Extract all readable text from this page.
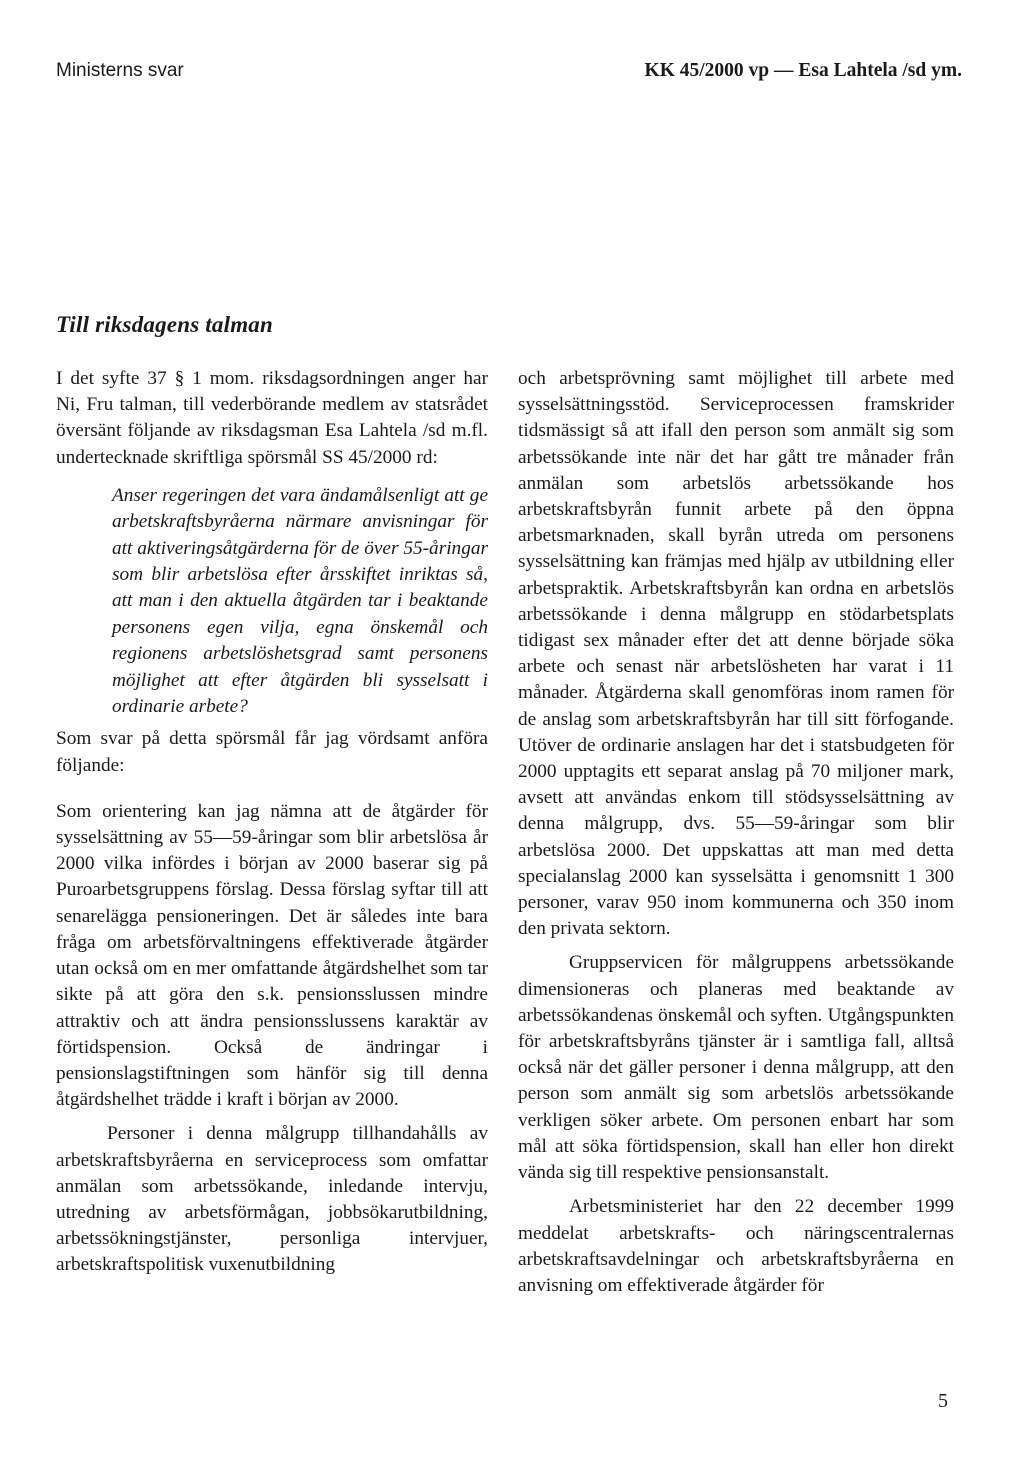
Ministerns svar	KK 45/2000 vp — Esa Lahtela /sd ym.
Till riksdagens talman

I det syfte 37 § 1 mom. riksdagsordningen anger har Ni, Fru talman, till vederbörande medlem av statsrådet översänt följande av riksdagsman Esa Lahtela /sd m.fl. undertecknade skriftliga spörsmål SS 45/2000 rd:

Anser regeringen det vara ändamålsenligt att ge arbetskraftsbyråerna närmare anvisningar för att aktiveringsåtgärderna för de över 55-åringar som blir arbetslösa efter årsskiftet inriktas så, att man i den aktuella åtgärden tar i beaktande personens egen vilja, egna önskemål och regionens arbetslöshetsgrad samt personens möjlighet att efter åtgärden bli sysselsatt i ordinarie arbete?

Som svar på detta spörsmål får jag vördsamt anföra följande:

Som orientering kan jag nämna att de åtgärder för sysselsättning av 55—59-åringar som blir arbetslösa år 2000 vilka infördes i början av 2000 baserar sig på Puroarbetsgruppens förslag. Dessa förslag syftar till att senarelägga pensioneringen. Det är således inte bara fråga om arbetsförvaltningens effektiverade åtgärder utan också om en mer omfattande åtgärdshelhet som tar sikte på att göra den s.k. pensionsslussen mindre attraktiv och att ändra pensionsslussens karaktär av förtidspension. Också de ändringar i pensionslagstiftningen som hänför sig till denna åtgärdshelhet trädde i kraft i början av 2000.

Personer i denna målgrupp tillhandahålls av arbetskraftsbyråerna en serviceprocess som omfattar anmälan som arbetssökande, inledande intervju, utredning av arbetsförmågan, jobbsökarutbildning, arbetssökningstjänster, personliga intervjuer, arbetskraftspolitisk vuxenutbildning

och arbetsprövning samt möjlighet till arbete med sysselsättningsstöd. Serviceprocessen framskrider tidsmässigt så att ifall den person som anmält sig som arbetssökande inte när det har gått tre månader från anmälan som arbetslös arbetssökande hos arbetskraftsbyrån funnit arbete på den öppna arbetsmarknaden, skall byrån utreda om personens sysselsättning kan främjas med hjälp av utbildning eller arbetspraktik. Arbetskraftsbyrån kan ordna en arbetslös arbetssökande i denna målgrupp en stödarbetsplats tidigast sex månader efter det att denne började söka arbete och senast när arbetslösheten har varat i 11 månader. Åtgärderna skall genomföras inom ramen för de anslag som arbetskraftsbyrån har till sitt förfogande. Utöver de ordinarie anslagen har det i statsbudgeten för 2000 upptagits ett separat anslag på 70 miljoner mark, avsett att användas enkom till stödsysselsättning av denna målgrupp, dvs. 55—59-åringar som blir arbetslösa 2000. Det uppskattas att man med detta specialanslag 2000 kan sysselsätta i genomsnitt 1 300 personer, varav 950 inom kommunerna och 350 inom den privata sektorn.

Gruppservicen för målgruppens arbetssökande dimensioneras och planeras med beaktande av arbetssökandenas önskemål och syften. Utgångspunkten för arbetskraftsbyråns tjänster är i samtliga fall, alltså också när det gäller personer i denna målgrupp, att den person som anmält sig som arbetslös arbetssökande verkligen söker arbete. Om personen enbart har som mål att söka förtidspension, skall han eller hon direkt vända sig till respektive pensionsanstalt.

Arbetsministeriet har den 22 december 1999 meddelat arbetskrafts- och näringscentralernas arbetskraftsavdelningar och arbetskraftsbyråerna en anvisning om effektiverade åtgärder för

5
